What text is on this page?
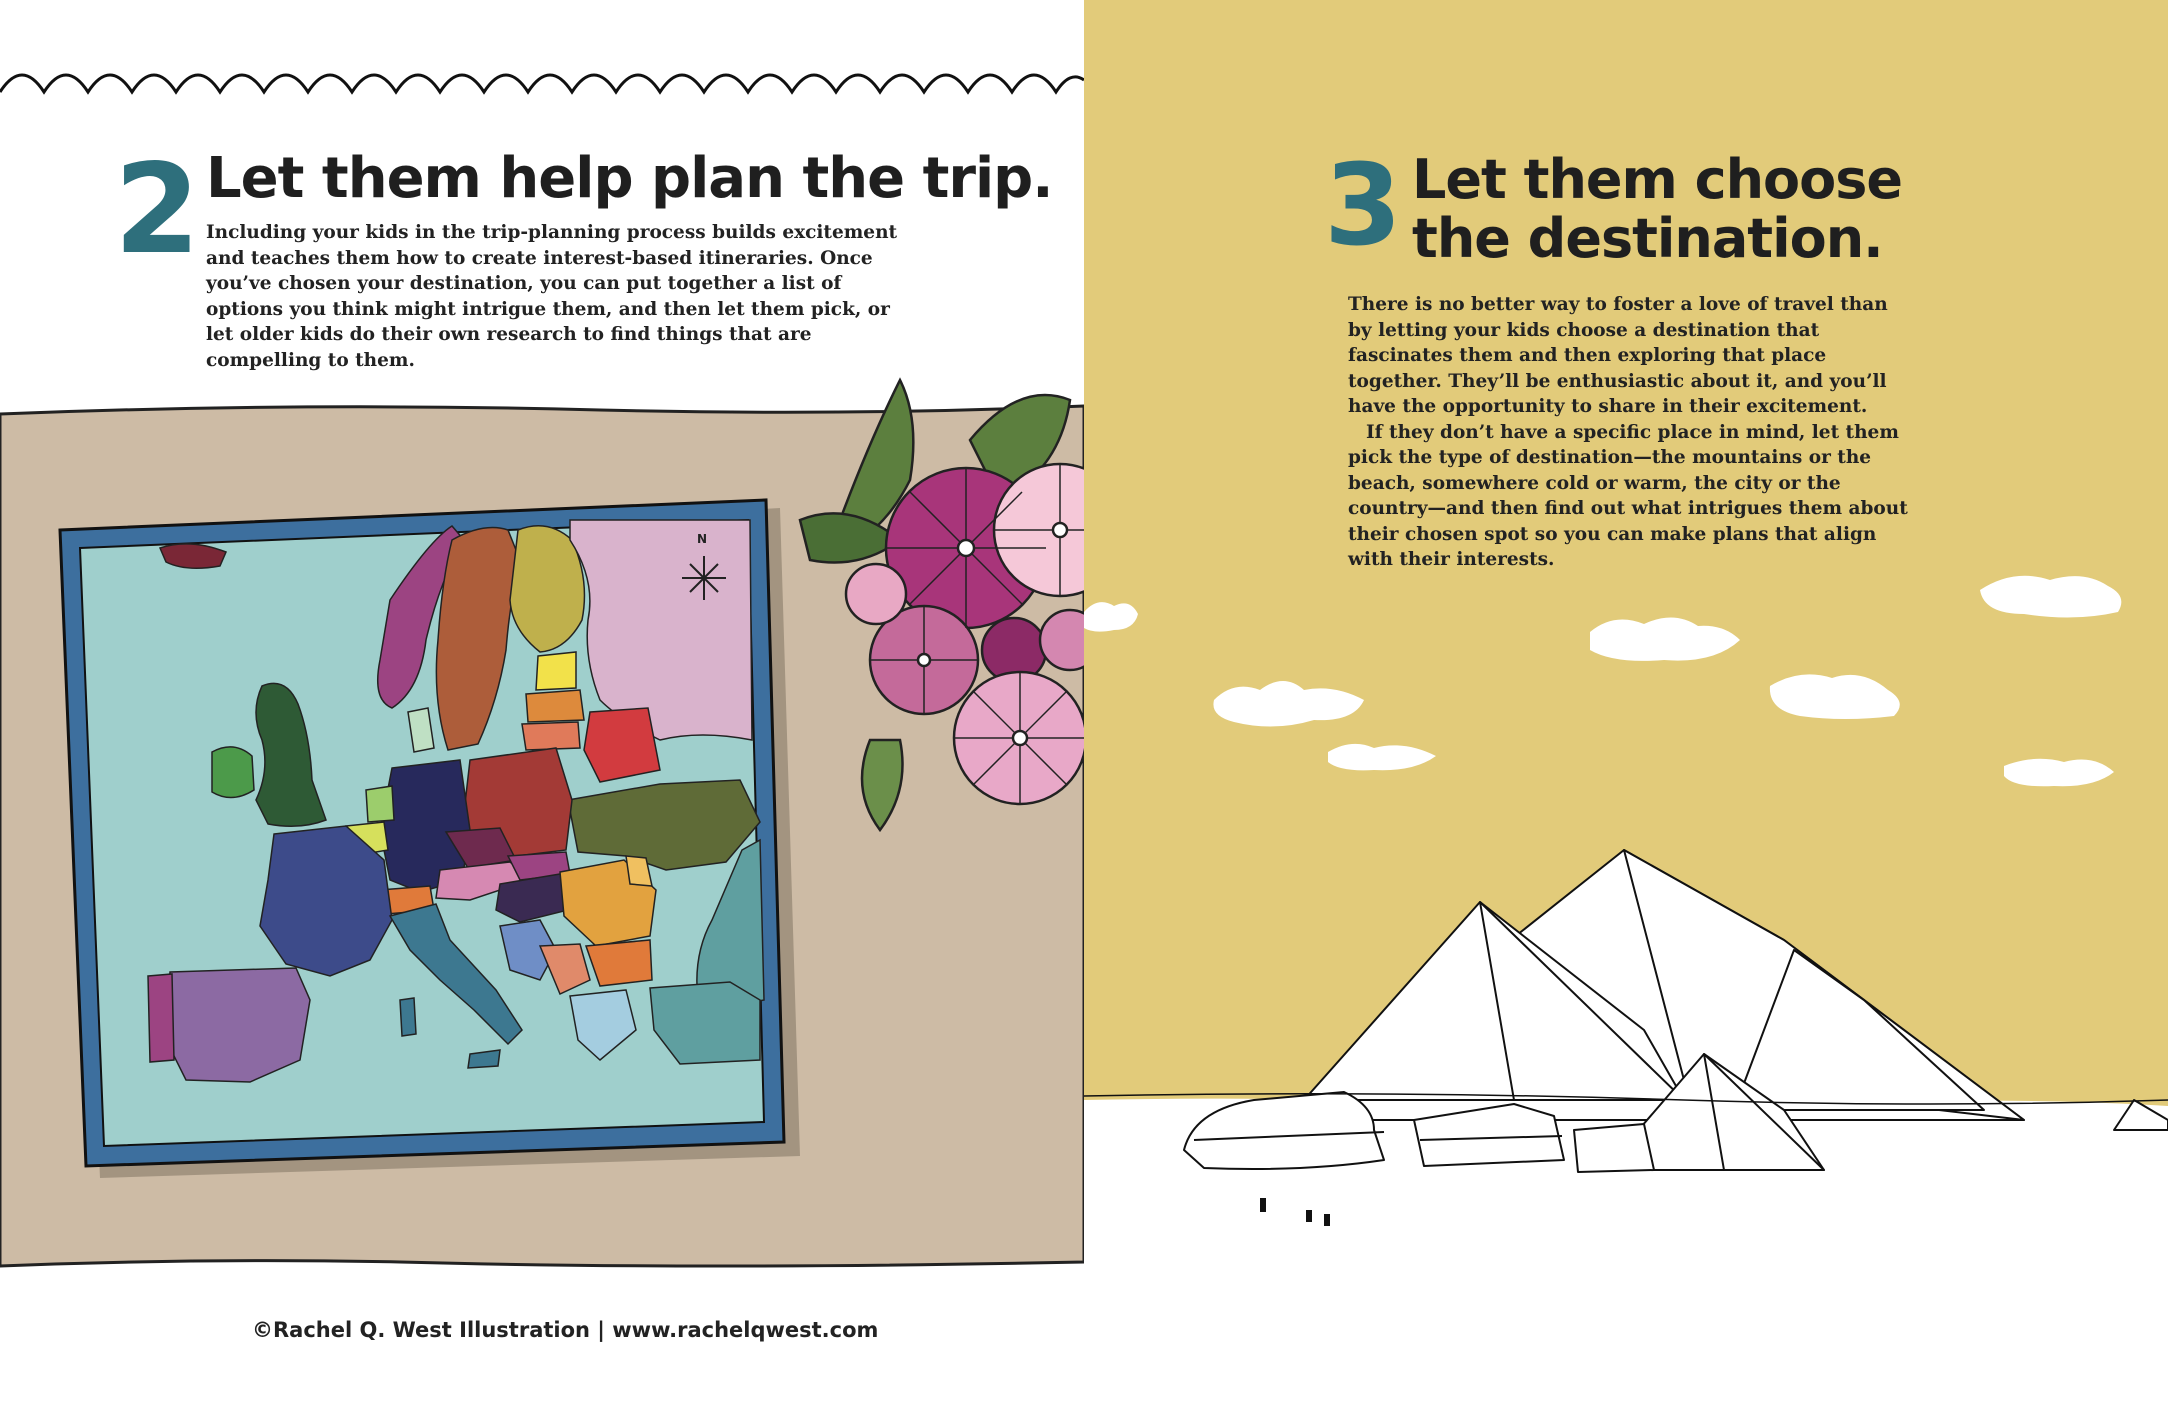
2 Let them help plan the trip.
Including your kids in the trip-planning process builds excitement and teaches them how to create interest-based itineraries. Once you’ve chosen your destination, you can put together a list of options you think might intrigue them, and then let them pick, or let older kids do their own research to find things that are compelling to them.
N
©Rachel Q. West Illustration | www.rachelqwest.com
3 Let them choose
the destination.

There is no better way to foster a love of travel than by letting your kids choose a destination that fascinates them and then exploring that place together. They’ll be enthusiastic about it, and you’ll have the opportunity to share in their excitement.

If they don’t have a specific place in mind, let them pick the type of destination—the mountains or the beach, somewhere cold or warm, the city or the country—and then find out what intrigues them about their chosen spot so you can make plans that align with their interests.
